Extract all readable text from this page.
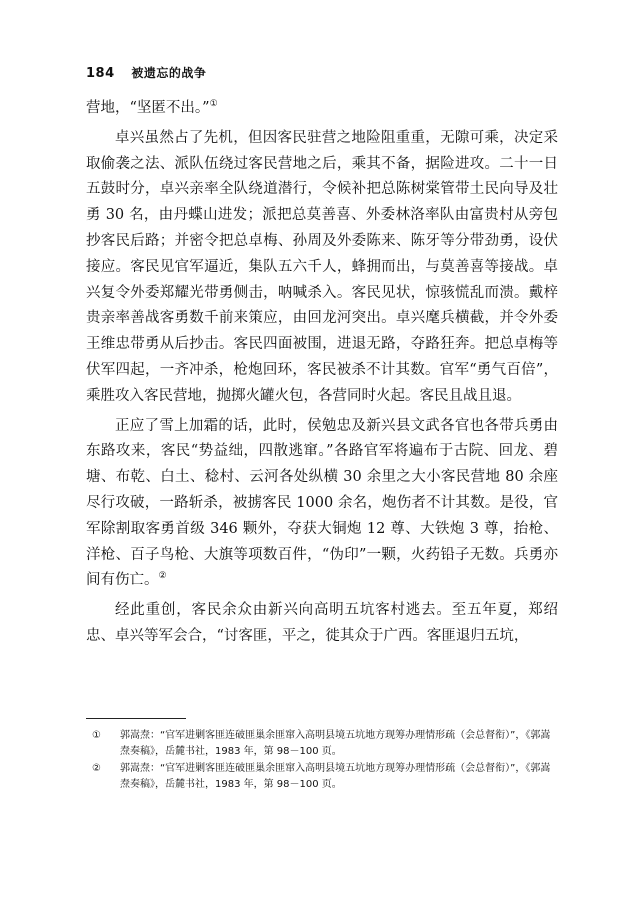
184 被遗忘的战争

营地，“坚匿不出。”①

卓兴虽然占了先机，但因客民驻营之地险阻重重，无隙可乘，决定采取偷袭之法、派队伍绕过客民营地之后，乘其不备，据险进攻。二十一日五鼓时分，卓兴亲率全队绕道潜行，令候补把总陈树棠管带土民向导及壮勇 30 名，由丹蝶山进发；派把总莫善喜、外委林洛率队由富贵村从旁包抄客民后路；并密令把总卓梅、孙周及外委陈来、陈牙等分带劲勇，设伏接应。客民见官军逼近，集队五六千人，蜂拥而出，与莫善喜等接战。卓兴复令外委郑耀光带勇侧击，呐喊杀入。客民见状，惊骇慌乱而溃。戴梓贵亲率善战客勇数千前来策应，由回龙河突出。卓兴麾兵横截，并令外委王维忠带勇从后抄击。客民四面被围，进退无路，夺路狂奔。把总卓梅等伏军四起，一齐冲杀，枪炮回环，客民被杀不计其数。官军“勇气百倍”，乘胜攻入客民营地，抛掷火罐火包，各营同时火起。客民且战且退。

正应了雪上加霜的话，此时，侯勉忠及新兴县文武各官也各带兵勇由东路攻来，客民“势益绌，四散逃窜。”各路官军将遍布于古院、回龙、碧塘、布乾、白土、稔村、云河各处纵横 30 余里之大小客民营地 80 余座尽行攻破，一路斩杀，被掳客民 1000 余名，炮伤者不计其数。是役，官军除割取客勇首级 346 颗外，夺获大铜炮 12 尊、大铁炮 3 尊，抬枪、洋枪、百子鸟枪、大旗等项数百件，“伪印”一颗，火药铅子无数。兵勇亦间有伤亡。②

经此重创，客民余众由新兴向高明五坑客村逃去。至五年夏，郑绍忠、卓兴等军会合，“讨客匪，平之，徙其众于广西。客匪退归五坑，

① 郭嵩焘：“官军进剿客匪连破匪巢余匪窜入高明县境五坑地方现筹办理情形疏（会总督衔）”，《郭嵩焘奏稿》，岳麓书社，1983 年，第 98－100 页。
② 郭嵩焘：“官军进剿客匪连破匪巢余匪窜入高明县境五坑地方现筹办理情形疏（会总督衔）”，《郭嵩焘奏稿》，岳麓书社，1983 年，第 98－100 页。
